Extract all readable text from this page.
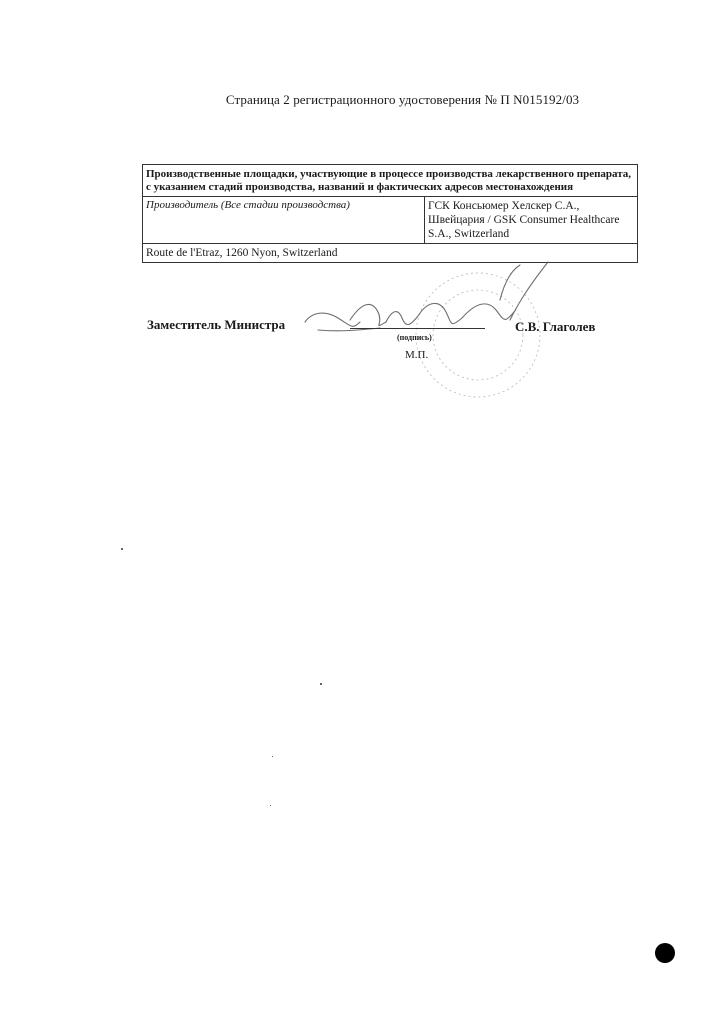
Страница 2 регистрационного удостоверения № П N015192/03
Производственные площадки, участвующие в процессе производства лекарственного препарата, с указанием стадий производства, названий и фактических адресов местонахождения
Производитель (Все стадии производства)	ГСК Консьюмер Хелскер С.А.,
Швейцария / GSK Consumer Healthcare
S.A., Switzerland

Route de l'Etraz, 1260 Nyon, Switzerland
Заместитель Министра
(подпись)
С.В. Глаголев
М.П.
